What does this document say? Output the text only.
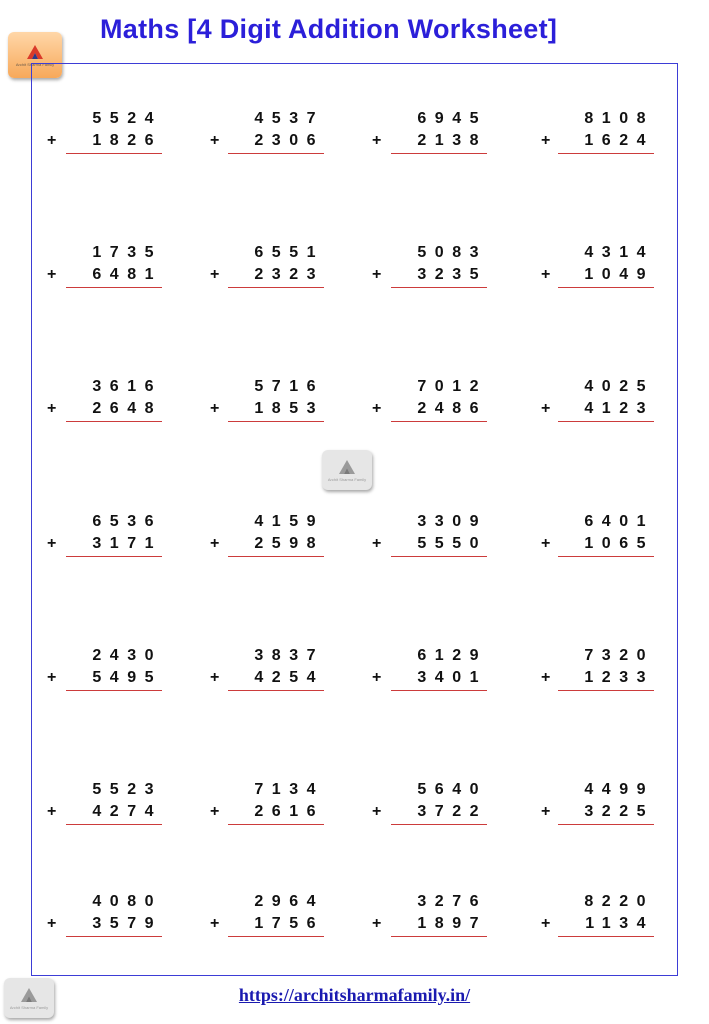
Maths [4 Digit Addition Worksheet]
Archit Sharma Family
5524
+ 1826
4537
+ 2306
6945
+ 2138
8108
+ 1624
1735
+ 6481
6551
+ 2323
5083
+ 3235
4314
+ 1049
3616
+ 2648
5716
+ 1853
7012
+ 2486
4025
+ 4123
6536
+ 3171
4159
+ 2598
3309
+ 5550
6401
+ 1065
2430
+ 5495
3837
+ 4254
6129
+ 3401
7320
+ 1233
5523
+ 4274
7134
+ 2616
5640
+ 3722
4499
+ 3225
4080
+ 3579
2964
+ 1756
3276
+ 1897
8220
+ 1134
Archit Sharma Family
Archit Sharma Family
https://architsharmafamily.in/
